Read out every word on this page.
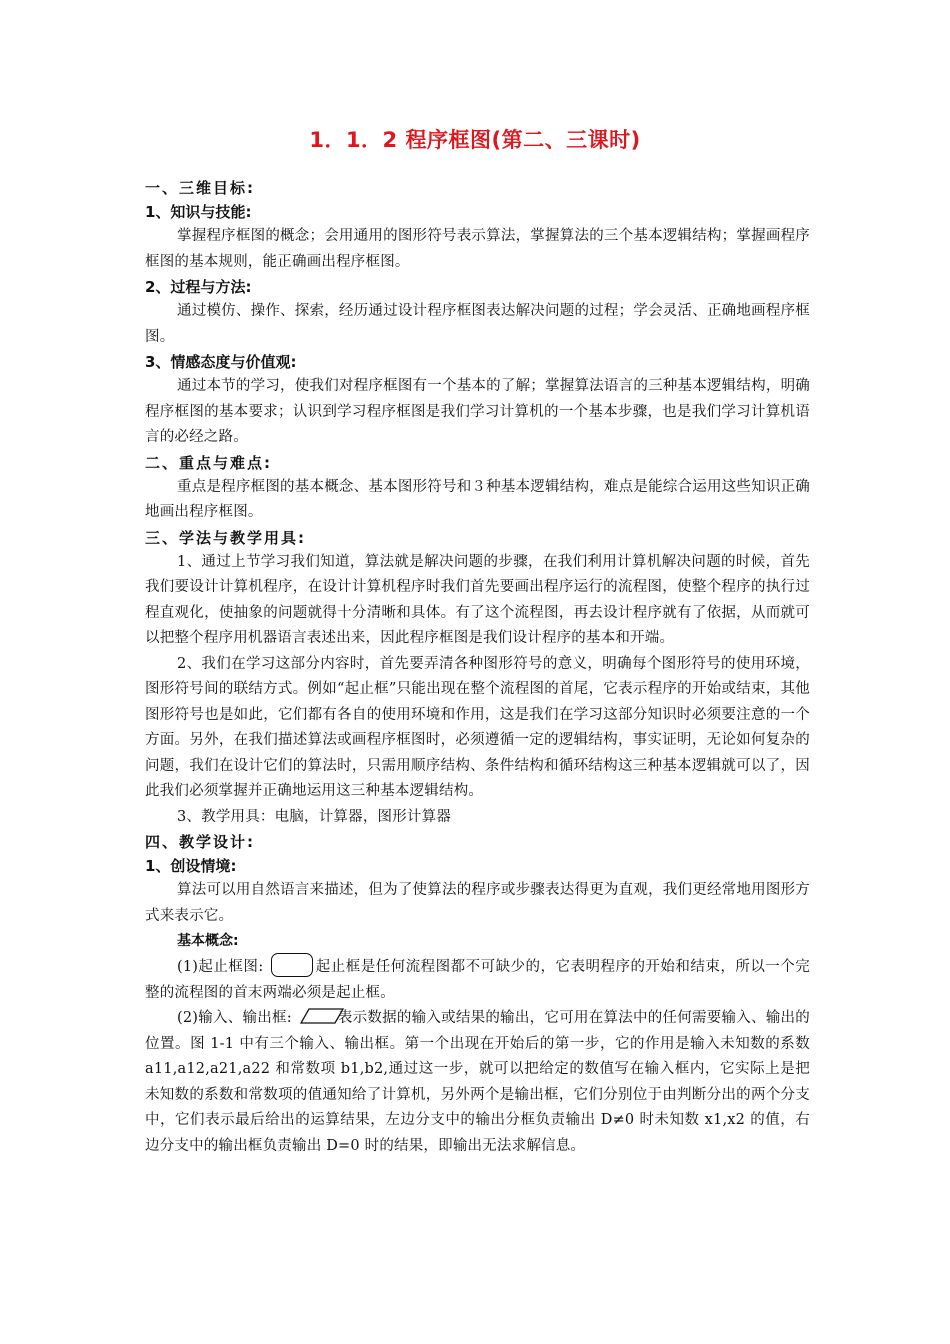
1．1．2 程序框图(第二、三课时)
一、三维目标:
1、知识与技能:

掌握程序框图的概念；会用通用的图形符号表示算法，掌握算法的三个基本逻辑结构；掌握画程序框图的基本规则，能正确画出程序框图。

2、过程与方法:

通过模仿、操作、探索，经历通过设计程序框图表达解决问题的过程；学会灵活、正确地画程序框图。

3、情感态度与价值观:

通过本节的学习，使我们对程序框图有一个基本的了解；掌握算法语言的三种基本逻辑结构，明确程序框图的基本要求；认识到学习程序框图是我们学习计算机的一个基本步骤，也是我们学习计算机语言的必经之路。

二、重点与难点:

重点是程序框图的基本概念、基本图形符号和３种基本逻辑结构，难点是能综合运用这些知识正确地画出程序框图。

三、学法与教学用具:

1、通过上节学习我们知道，算法就是解决问题的步骤，在我们利用计算机解决问题的时候，首先我们要设计计算机程序，在设计计算机程序时我们首先要画出程序运行的流程图，使整个程序的执行过程直观化，使抽象的问题就得十分清晰和具体。有了这个流程图，再去设计程序就有了依据，从而就可以把整个程序用机器语言表述出来，因此程序框图是我们设计程序的基本和开端。

2、我们在学习这部分内容时，首先要弄清各种图形符号的意义，明确每个图形符号的使用环境，图形符号间的联结方式。例如“起止框”只能出现在整个流程图的首尾，它表示程序的开始或结束，其他图形符号也是如此，它们都有各自的使用环境和作用，这是我们在学习这部分知识时必须要注意的一个方面。另外，在我们描述算法或画程序框图时，必须遵循一定的逻辑结构，事实证明，无论如何复杂的问题，我们在设计它们的算法时，只需用顺序结构、条件结构和循环结构这三种基本逻辑就可以了，因此我们必须掌握并正确地运用这三种基本逻辑结构。

3、教学用具：电脑，计算器，图形计算器

四、教学设计:
1、创设情境:

算法可以用自然语言来描述，但为了使算法的程序或步骤表达得更为直观，我们更经常地用图形方式来表示它。

基本概念:

(1)起止框图:	起止框是任何流程图都不可缺少的，它表明程序的开始和结束，所以一个完整的流程图的首末两端必须是起止框。

(2)输入、输出框:	表示数据的输入或结果的输出，它可用在算法中的任何需要输入、输出的位置。图 1-1 中有三个输入、输出框。第一个出现在开始后的第一步，它的作用是输入未知数的系数 a11,a12,a21,a22 和常数项 b1,b2,通过这一步，就可以把给定的数值写在输入框内，它实际上是把未知数的系数和常数项的值通知给了计算机，另外两个是输出框，它们分别位于由判断分出的两个分支中，它们表示最后给出的运算结果，左边分支中的输出分框负责输出 D≠0 时未知数 x1,x2 的值，右边分支中的输出框负责输出 D=0 时的结果，即输出无法求解信息。
